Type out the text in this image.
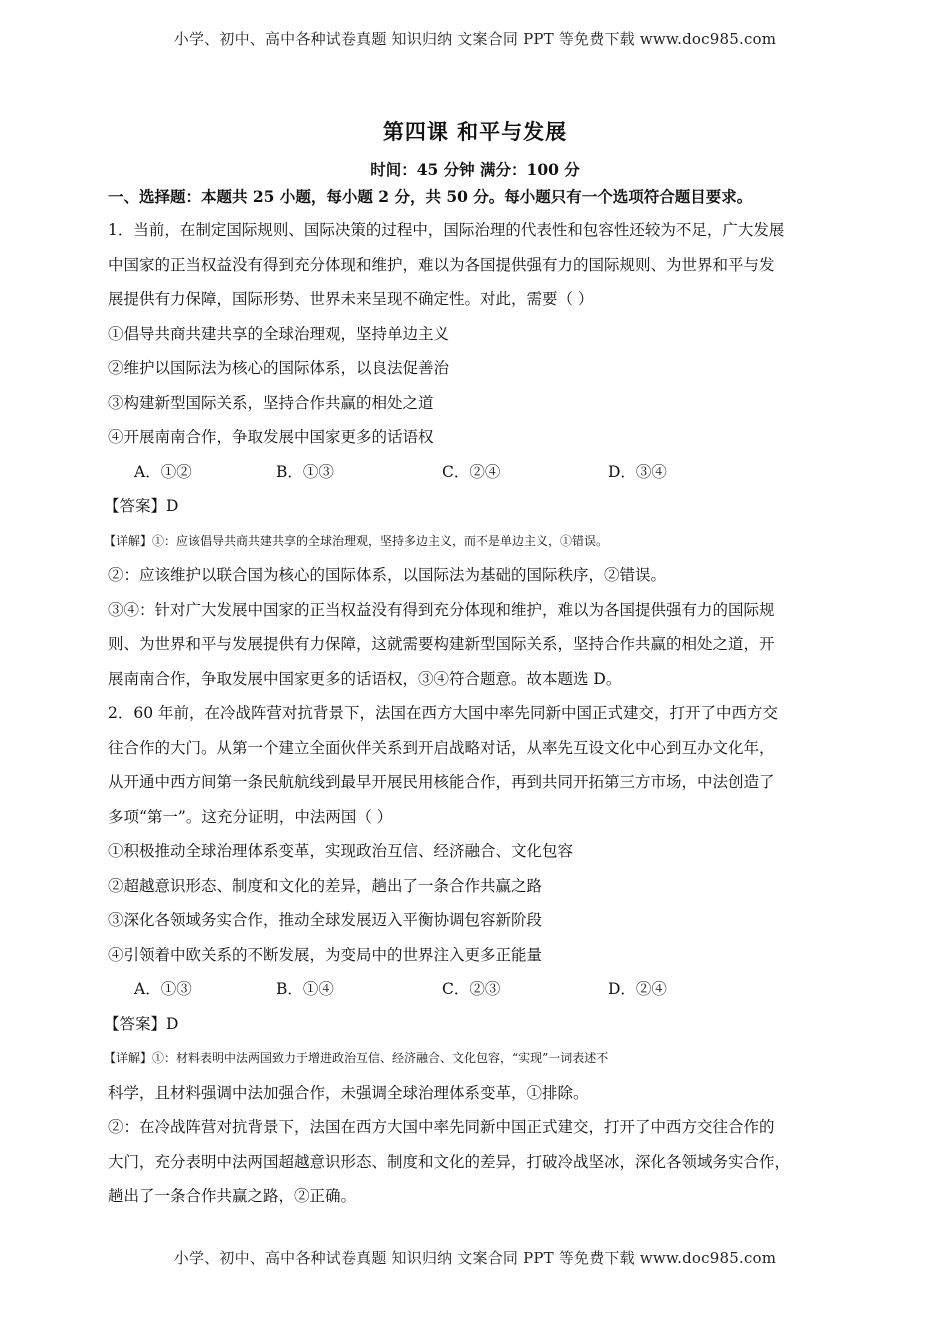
小学、初中、高中各种试卷真题 知识归纳 文案合同 PPT 等免费下载 www.doc985.com
第四课 和平与发展
时间：45 分钟 满分：100 分

一、选择题：本题共 25 小题，每小题 2 分，共 50 分。每小题只有一个选项符合题目要求。

1．当前，在制定国际规则、国际决策的过程中，国际治理的代表性和包容性还较为不足，广大发展

中国家的正当权益没有得到充分体现和维护，难以为各国提供强有力的国际规则、为世界和平与发

展提供有力保障，国际形势、世界未来呈现不确定性。对此，需要（ ）

①倡导共商共建共享的全球治理观，坚持单边主义

②维护以国际法为核心的国际体系，以良法促善治

③构建新型国际关系，坚持合作共赢的相处之道

④开展南南合作，争取发展中国家更多的话语权

A．①②	B．①③	C．②④	D．③④

【答案】D

【详解】①：应该倡导共商共建共享的全球治理观，坚持多边主义，而不是单边主义，①错误。

②：应该维护以联合国为核心的国际体系，以国际法为基础的国际秩序，②错误。

③④：针对广大发展中国家的正当权益没有得到充分体现和维护，难以为各国提供强有力的国际规

则、为世界和平与发展提供有力保障，这就需要构建新型国际关系，坚持合作共赢的相处之道，开

展南南合作，争取发展中国家更多的话语权，③④符合题意。故本题选 D。

2．60 年前，在冷战阵营对抗背景下，法国在西方大国中率先同新中国正式建交，打开了中西方交

往合作的大门。从第一个建立全面伙伴关系到开启战略对话，从率先互设文化中心到互办文化年，

从开通中西方间第一条民航航线到最早开展民用核能合作，再到共同开拓第三方市场，中法创造了

多项“第一”。这充分证明，中法两国（ ）

①积极推动全球治理体系变革，实现政治互信、经济融合、文化包容

②超越意识形态、制度和文化的差异，趟出了一条合作共赢之路

③深化各领域务实合作，推动全球发展迈入平衡协调包容新阶段

④引领着中欧关系的不断发展，为变局中的世界注入更多正能量

A．①③	B．①④	C．②③	D．②④

【答案】D

【详解】①：材料表明中法两国致力于增进政治互信、经济融合、文化包容，“实现”一词表述不

科学，且材料强调中法加强合作，未强调全球治理体系变革，①排除。

②：在冷战阵营对抗背景下，法国在西方大国中率先同新中国正式建交，打开了中西方交往合作的

大门，充分表明中法两国超越意识形态、制度和文化的差异，打破冷战坚冰，深化各领域务实合作，

趟出了一条合作共赢之路，②正确。

小学、初中、高中各种试卷真题 知识归纳 文案合同 PPT 等免费下载 www.doc985.com
